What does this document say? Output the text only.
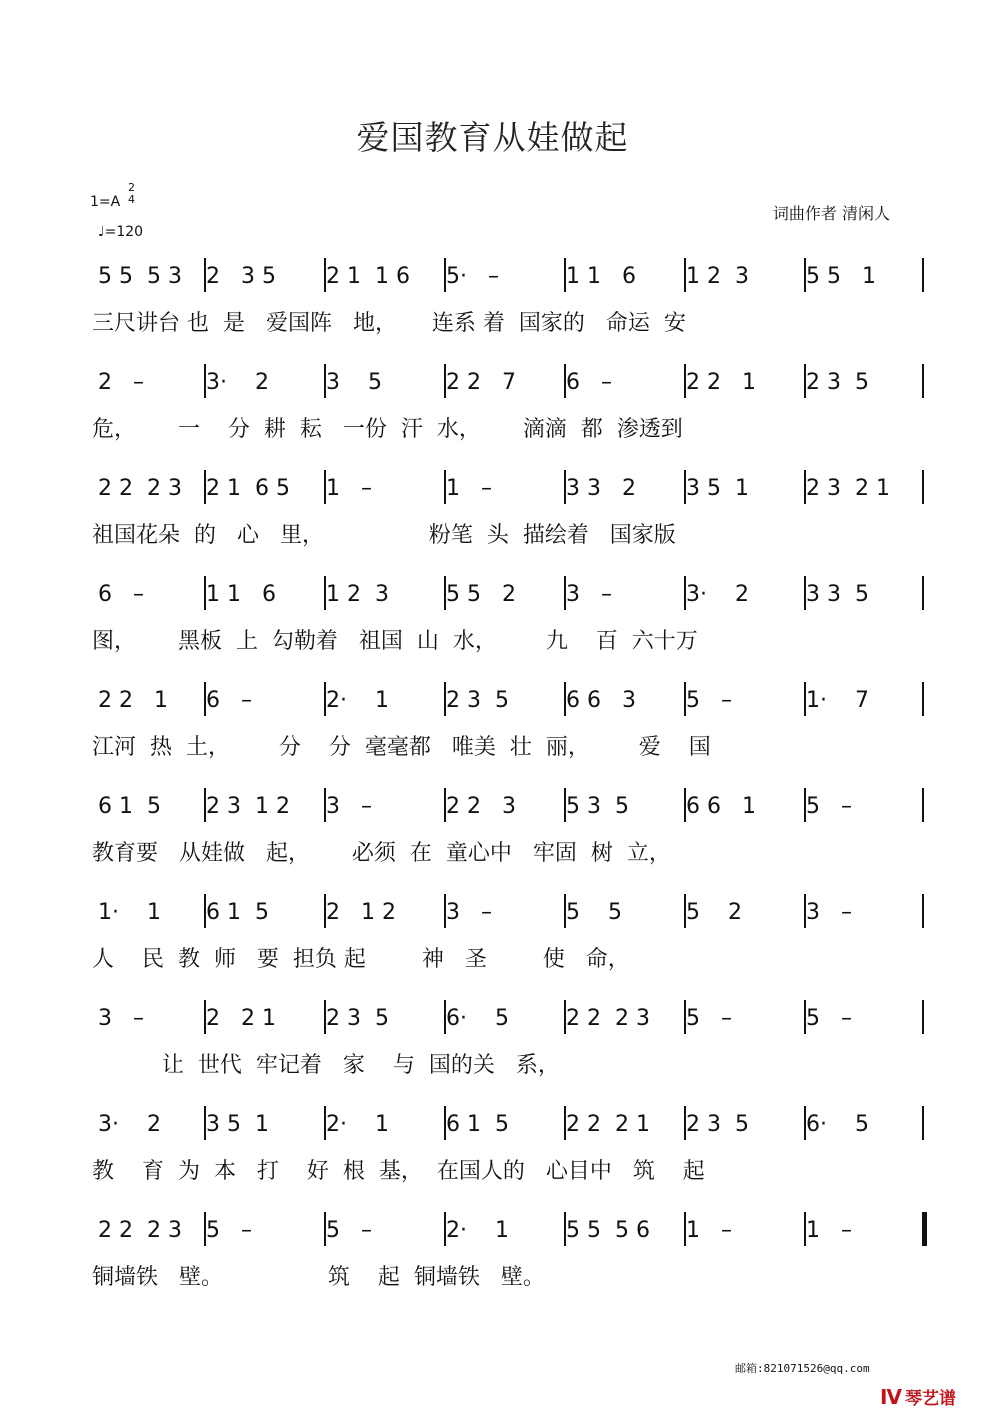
爱国教育从娃做起
1=A
2
4
♩=120
词曲作者 清闲人
5 5  5 3 2   3 5 2 1  1 6 5·   –	1 1   6 1 2  3	5 5   1
三尺讲台 也  是   爱国阵   地，     连系 着  国家的   命运  安
2   –	3·    2	3    5	2 2   7 6   –	2 2   1 2 3  5
危，      一    分  耕  耘   一份  汗  水，      滴滴  都  渗透到
2 2  2 3 2 1  6 5 1   –	1   –	3 3   2 3 5  1	2 3  2 1
祖国花朵  的   心   里，               粉笔  头  描绘着   国家版
6   –	1 1   6 1 2  3	5 5   2 3   –	3·    2	3 3  5
图，      黑板  上  勾勒着   祖国  山  水，       九    百  六十万
2 2   1 6   –	2·    1	2 3  5	6 6   3 5   –	1·    7
江河  热  土，       分    分  毫毫都   唯美  壮  丽，       爱    国
6 1  5 2 3  1 2 3   –	2 2   3 5 3  5	6 6   1 5   –
教育要   从娃做   起，      必须  在  童心中   牢固  树  立，
1·    1 6 1  5	2   1 2 3   –	5    5	5    2	3   –
人    民  教  师   要  担负 起        神   圣        使   命，
3   –	2   2 1 2 3  5	6·    5	2 2  2 3 5   –	5   –
让  世代  牢记着   家    与  国的关   系，
3·    2 3 5  1	2·    1	6 1  5	2 2  2 1 2 3  5	6·    5
教    育  为  本   打    好  根  基，  在国人的   心目中   筑    起
2 2  2 3 5   –	5   –	2·    1	5 5  5 6 1   –	1   –
铜墙铁   壁。               筑    起  铜墙铁   壁。
邮箱:821071526@qq.com
Ⅳ 琴艺谱
